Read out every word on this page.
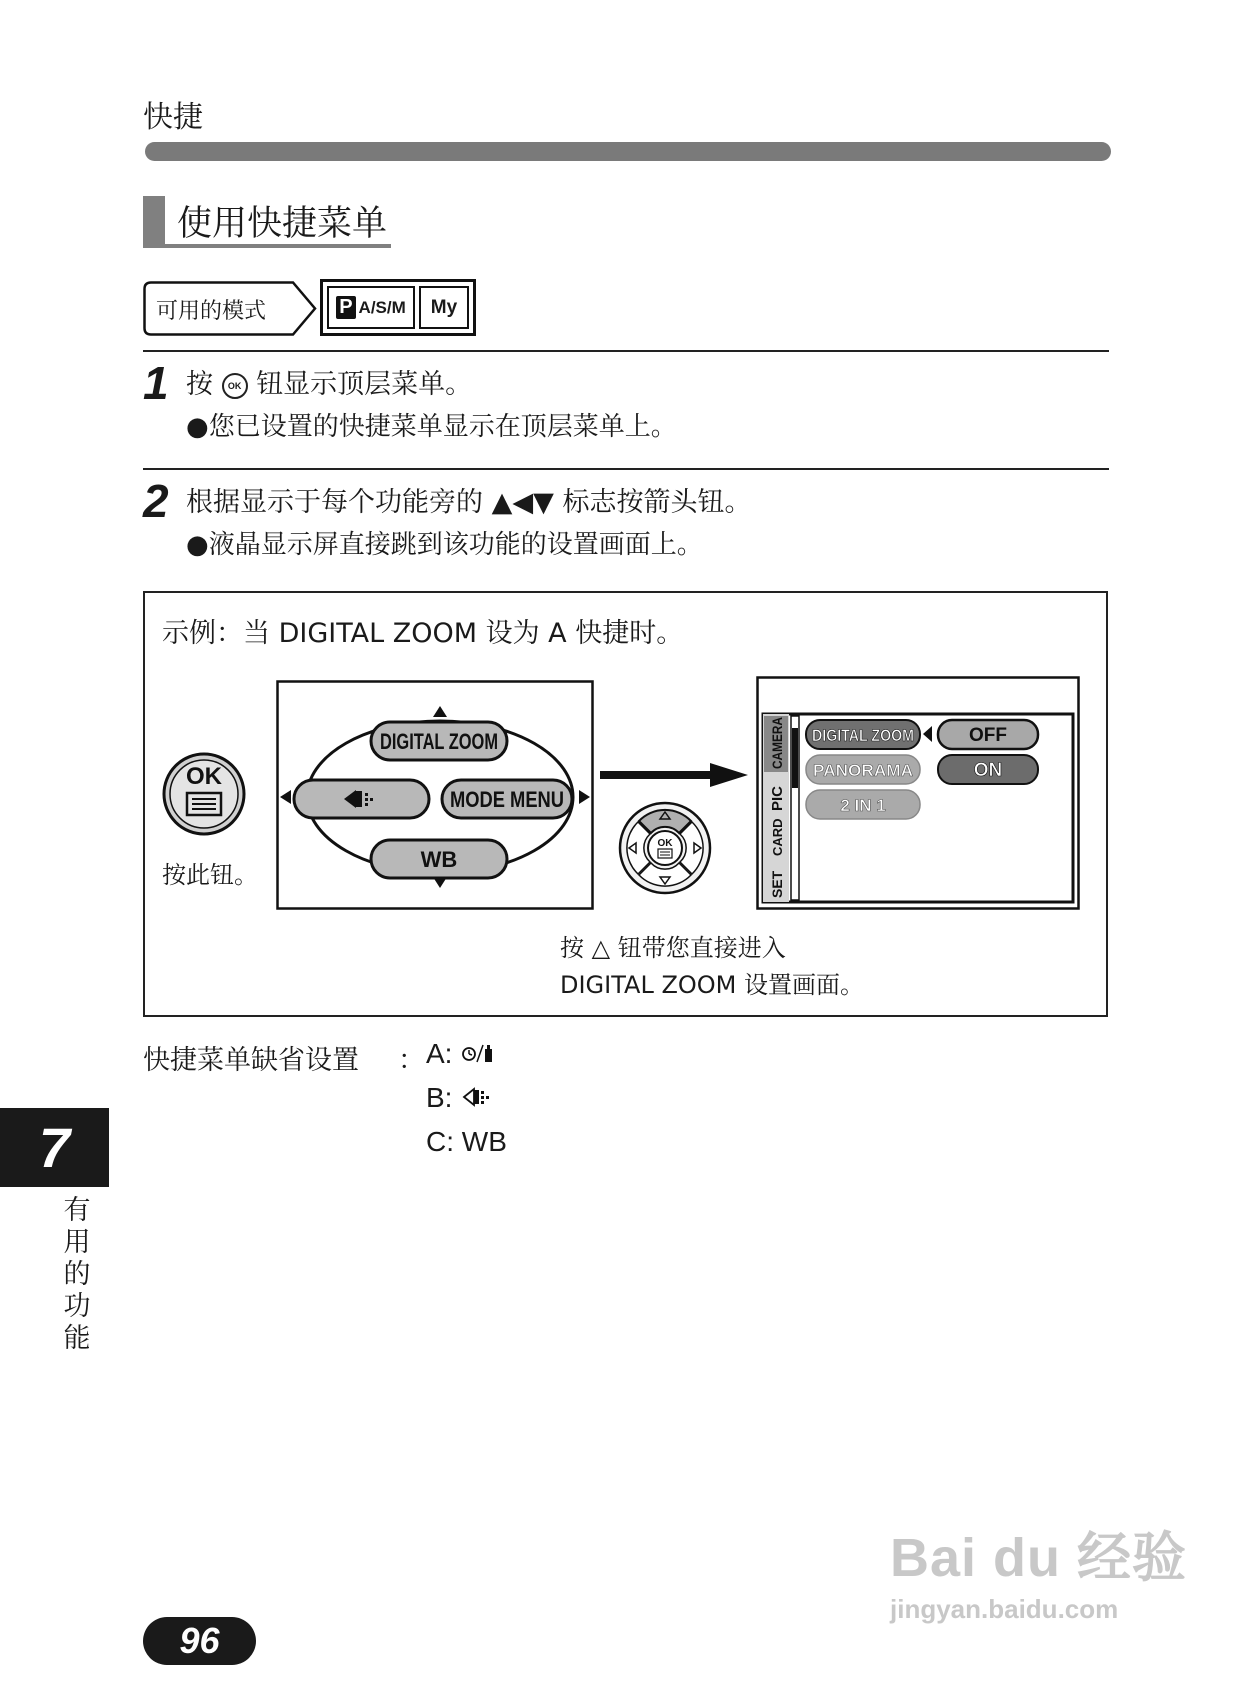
快捷
使用快捷菜单
可用的模式	P A/S/M My
1 按 OK 钮显示顶层菜单。
●您已设置的快捷菜单显示在顶层菜单上。
2 根据显示于每个功能旁的 ▲◀▼ 标志按箭头钮。
●液晶显示屏直接跳到该功能的设置画面上。
示例：当 DIGITAL ZOOM 设为 A 快捷时。
OK
按此钮。
DIGITAL ZOOM
MODE MENU
WB
OK
CAMERA
PIC
CARD
SET
DIGITAL ZOOM
PANORAMA
2 IN 1
OFF
ON
按 △ 钮带您直接进入
DIGITAL ZOOM 设置画面。
快捷菜单缺省设置 ： A:
B:
C: WB
7
有
用
的
功
能
96
Bai du 经验
jingyan.baidu.com
